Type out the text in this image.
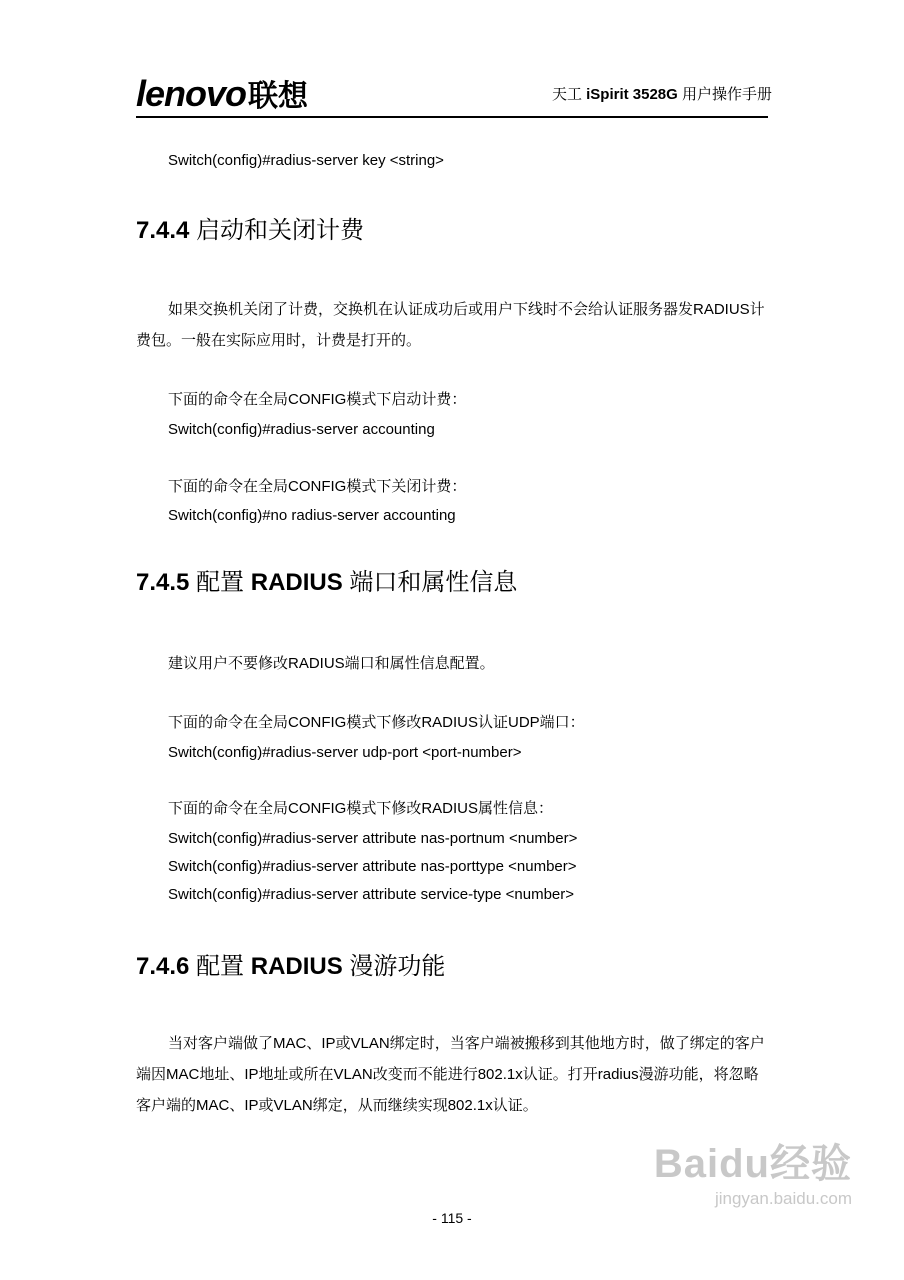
lenovo联想	天工 iSpirit 3528G 用户操作手册
Switch(config)#radius-server key <string>
7.4.4 启动和关闭计费

如果交换机关闭了计费，交换机在认证成功后或用户下线时不会给认证服务器发RADIUS计费包。一般在实际应用时，计费是打开的。

下面的命令在全局CONFIG模式下启动计费：
Switch(config)#radius-server accounting
下面的命令在全局CONFIG模式下关闭计费：
Switch(config)#no radius-server accounting
7.4.5 配置 RADIUS 端口和属性信息
建议用户不要修改RADIUS端口和属性信息配置。
下面的命令在全局CONFIG模式下修改RADIUS认证UDP端口：
Switch(config)#radius-server udp-port <port-number>
下面的命令在全局CONFIG模式下修改RADIUS属性信息：
Switch(config)#radius-server attribute nas-portnum <number>
Switch(config)#radius-server attribute nas-porttype <number>
Switch(config)#radius-server attribute service-type <number>
7.4.6 配置 RADIUS 漫游功能

当对客户端做了MAC、IP或VLAN绑定时，当客户端被搬移到其他地方时，做了绑定的客户端因MAC地址、IP地址或所在VLAN改变而不能进行802.1x认证。打开radius漫游功能，将忽略客户端的MAC、IP或VLAN绑定，从而继续实现802.1x认证。

- 115 -
Baidu经验
jingyan.baidu.com
